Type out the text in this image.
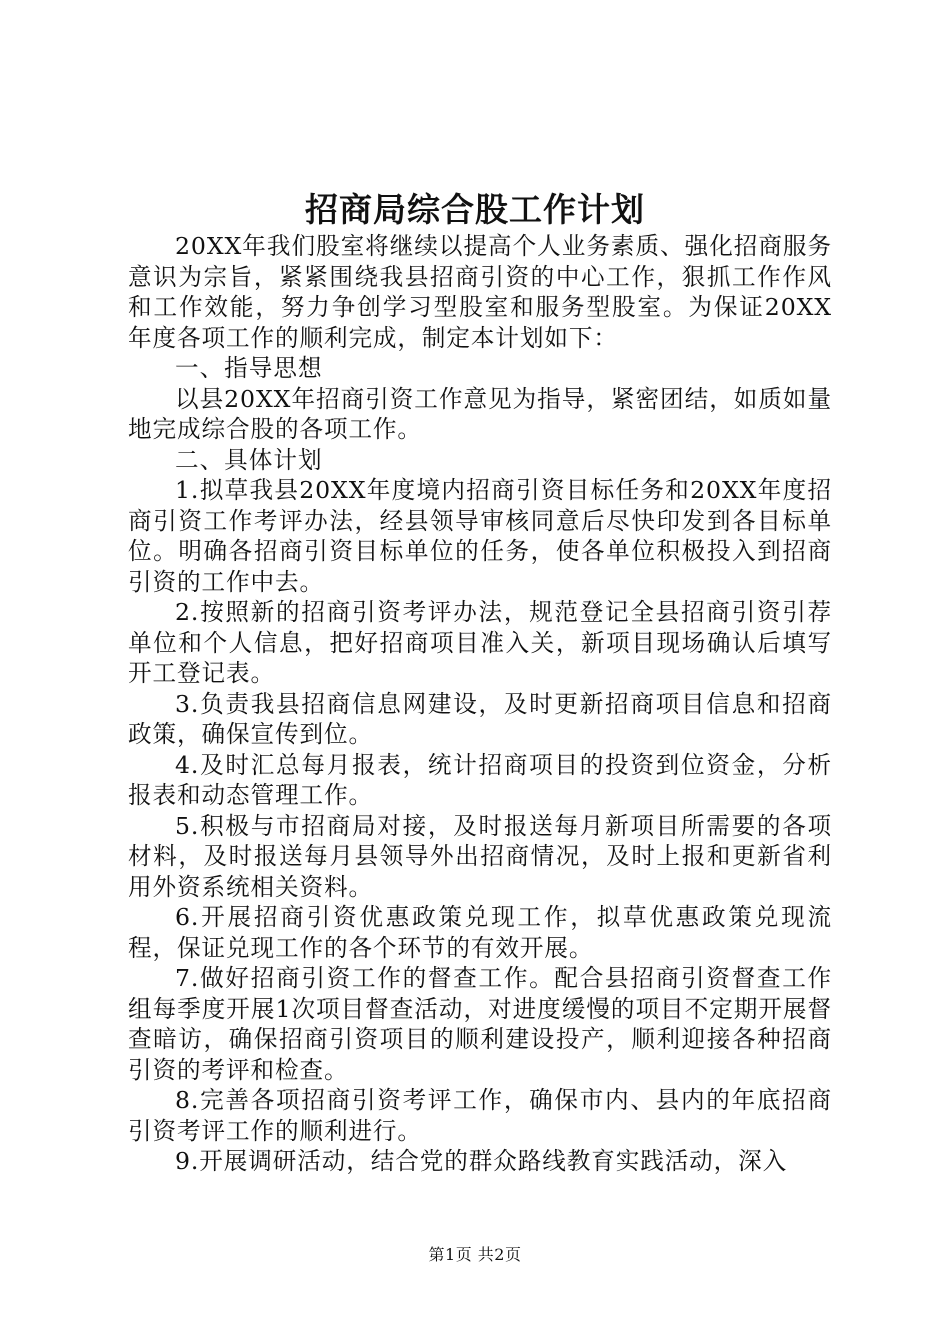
招商局综合股工作计划

20XX年我们股室将继续以提高个人业务素质、强化招商服务意识为宗旨，紧紧围绕我县招商引资的中心工作，狠抓工作作风和工作效能，努力争创学习型股室和服务型股室。为保证20XX年度各项工作的顺利完成，制定本计划如下：

一、指导思想

以县20XX年招商引资工作意见为指导，紧密团结，如质如量地完成综合股的各项工作。

二、具体计划

1.拟草我县20XX年度境内招商引资目标任务和20XX年度招商引资工作考评办法，经县领导审核同意后尽快印发到各目标单位。明确各招商引资目标单位的任务，使各单位积极投入到招商引资的工作中去。

2.按照新的招商引资考评办法，规范登记全县招商引资引荐单位和个人信息，把好招商项目准入关，新项目现场确认后填写开工登记表。

3.负责我县招商信息网建设，及时更新招商项目信息和招商政策，确保宣传到位。

4.及时汇总每月报表，统计招商项目的投资到位资金，分析报表和动态管理工作。

5.积极与市招商局对接，及时报送每月新项目所需要的各项材料，及时报送每月县领导外出招商情况，及时上报和更新省利用外资系统相关资料。

6.开展招商引资优惠政策兑现工作，拟草优惠政策兑现流程，保证兑现工作的各个环节的有效开展。

7.做好招商引资工作的督查工作。配合县招商引资督查工作组每季度开展1次项目督查活动，对进度缓慢的项目不定期开展督查暗访，确保招商引资项目的顺利建设投产，顺利迎接各种招商引资的考评和检查。

8.完善各项招商引资考评工作，确保市内、县内的年底招商引资考评工作的顺利进行。

9.开展调研活动，结合党的群众路线教育实践活动，深入

第1页 共2页
